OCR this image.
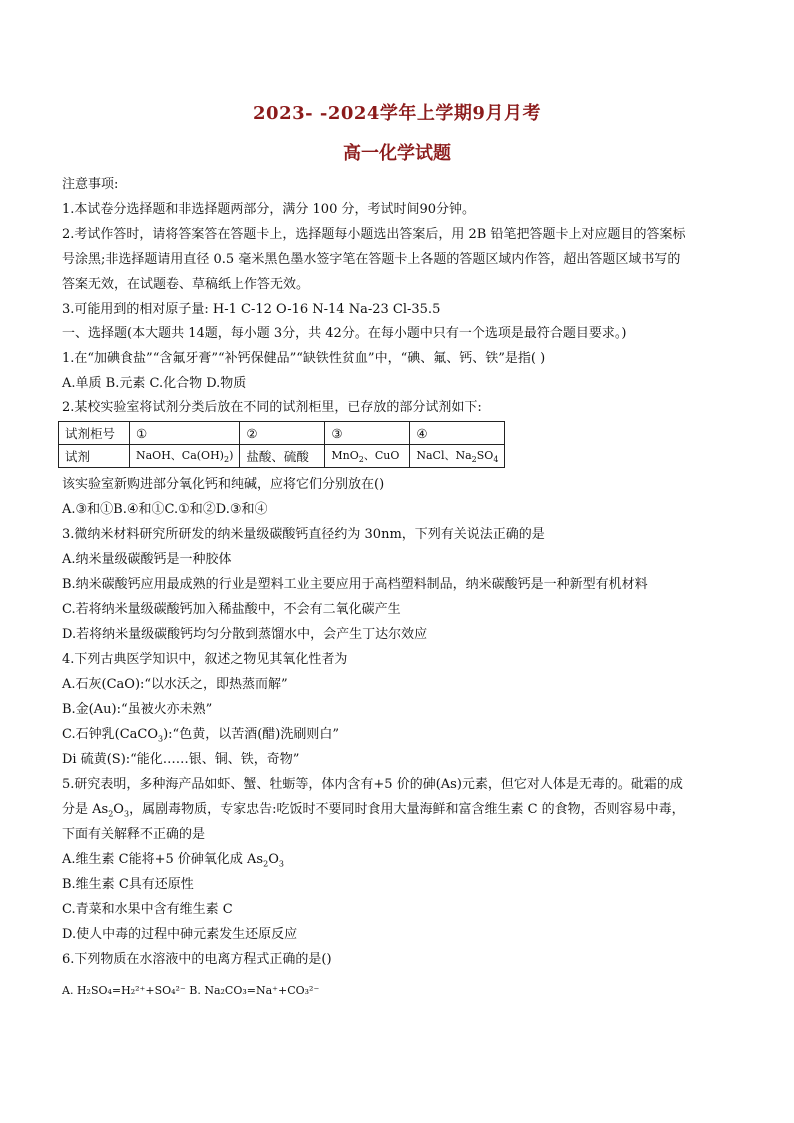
2023- -2024学年上学期9月月考
高一化学试题
注意事项:
1.本试卷分选择题和非选择题两部分，满分 100 分，考试时间90分钟。
2.考试作答时，请将答案答在答题卡上，选择题每小题选出答案后，用 2B 铅笔把答题卡上对应题目的答案标
号涂黑;非选择题请用直径 0.5 毫米黑色墨水签字笔在答题卡上各题的答题区域内作答，超出答题区域书写的
答案无效，在试题卷、草稿纸上作答无效。
3.可能用到的相对原子量: H-1 C-12 O-16 N-14 Na-23 Cl-35.5
一、选择题(本大题共 14题，每小题 3分，共 42分。在每小题中只有一个选项是最符合题目要求。)
1.在“加碘食盐”“含氟牙膏”“补钙保健品”“缺铁性贫血”中，“碘、氟、钙、铁”是指( )
A.单质 B.元素 C.化合物 D.物质
2.某校实验室将试剂分类后放在不同的试剂柜里，已存放的部分试剂如下:
试剂柜号	①	②	③	④
试剂	NaOH、$Ca(OH)_2$)	盐酸、硫酸	MnO$_2$、CuO	NaCl、$Na_2SO_4$
该实验室新购进部分氧化钙和纯碱，应将它们分别放在()
A.③和①B.④和①C.①和②D.③和④
3.微纳米材料研究所研发的纳米量级碳酸钙直径约为 30nm，下列有关说法正确的是
A.纳米量级碳酸钙是一种胶体
B.纳米碳酸钙应用最成熟的行业是塑料工业主要应用于高档塑料制品，纳米碳酸钙是一种新型有机材料
C.若将纳米量级碳酸钙加入稀盐酸中，不会有二氧化碳产生
D.若将纳米量级碳酸钙均匀分散到蒸馏水中，会产生丁达尔效应
4.下列古典医学知识中，叙述之物见其氧化性者为
A.石灰(CaO):“以水沃之，即热蒸而解”
B.金(Au):“虽被火亦未熟”
C.石钟乳(CaCO$_3$):“色黄，以苦酒(醋)洗刷则白”
Di 硫黄(S):“能化……银、铜、铁，奇物”
5.研究表明，多种海产品如虾、蟹、牡蛎等，体内含有+5 价的砷(As)元素，但它对人体是无毒的。砒霜的成
分是 $As_2O_3$，属剧毒物质，专家忠告:吃饭时不要同时食用大量海鲜和富含维生素 C 的食物，否则容易中毒，
下面有关解释不正确的是
A.维生素 C能将+5 价砷氧化成 $As_2O_3$
B.维生素 C具有还原性
C.青菜和水果中含有维生素 C
D.使人中毒的过程中砷元素发生还原反应
6.下列物质在水溶液中的电离方程式正确的是()
A. H₂SO₄=H₂²⁺+SO₄²⁻ B. Na₂CO₃=Na⁺+CO₃²⁻
